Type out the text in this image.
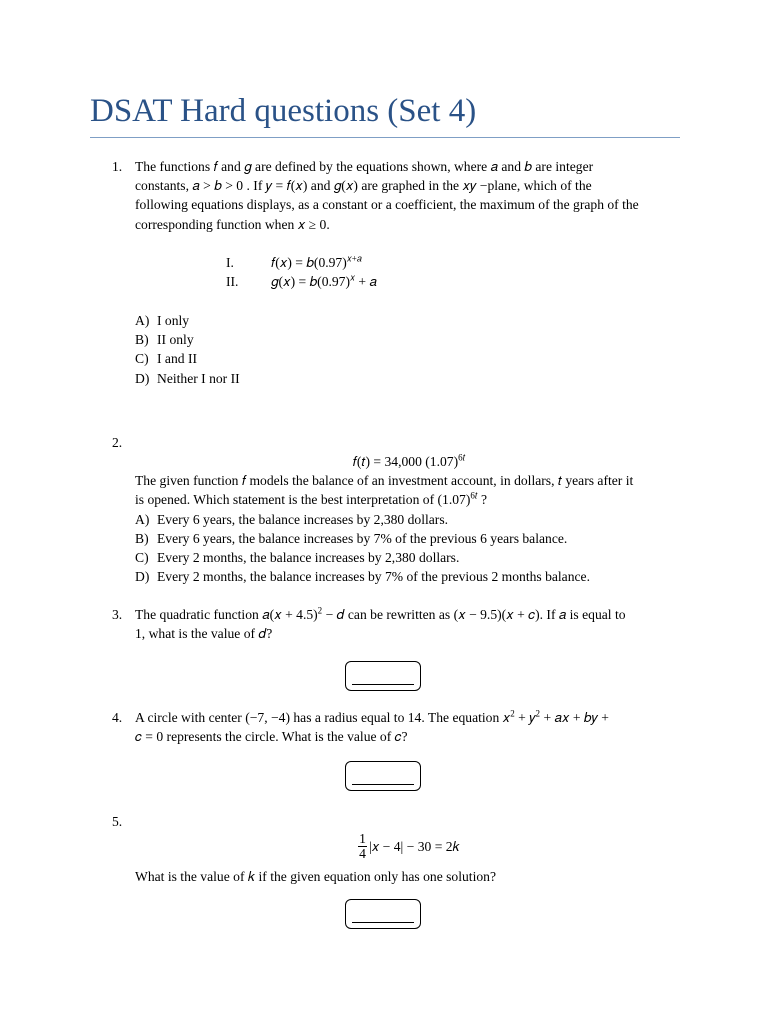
DSAT Hard questions (Set 4)
1. The functions 𝑓 and 𝑔 are defined by the equations shown, where 𝑎 and 𝑏 are integer
constants, 𝑎 > 𝑏 > 0 . If 𝑦 = 𝑓(𝑥) and 𝑔(𝑥) are graphed in the 𝑥𝑦 −plane, which of the
following equations displays, as a constant or a coefficient, the maximum of the graph of the
corresponding function when 𝑥 ≥ 0.
I.	𝑓(𝑥) = $𝑏(0.97)^{𝑥+𝑎}$
II. 𝑔(𝑥) = $𝑏(0.97)^𝑥$ + 𝑎
A) I only
B) II only
C) I and II
D) Neither I nor II
2.
𝑓(𝑡) = 34,000 $(1.07)^{6𝑡}$
The given function 𝑓 models the balance of an investment account, in dollars, 𝑡 years after it
is opened. Which statement is the best interpretation of $(1.07)^{6𝑡}$ ?
A) Every 6 years, the balance increases by 2,380 dollars.
B) Every 6 years, the balance increases by 7% of the previous 6 years balance.
C) Every 2 months, the balance increases by 2,380 dollars.
D) Every 2 months, the balance increases by 7% of the previous 2 months balance.
3. The quadratic function 𝑎(𝑥 + 4.5)$^2$ − 𝑑 can be rewritten as (𝑥 − 9.5)(𝑥 + 𝑐). If 𝑎 is equal to
1, what is the value of 𝑑?
4. A circle with center (−7, −4) has a radius equal to 14. The equation 𝑥$^2$ + 𝑦$^2$ + 𝑎𝑥 + 𝑏𝑦 +
𝑐 = 0 represents the circle. What is the value of 𝑐?
5.
$\frac{1}{4}$ |𝑥 − 4| − 30 = 2𝑘
What is the value of 𝑘 if the given equation only has one solution?
